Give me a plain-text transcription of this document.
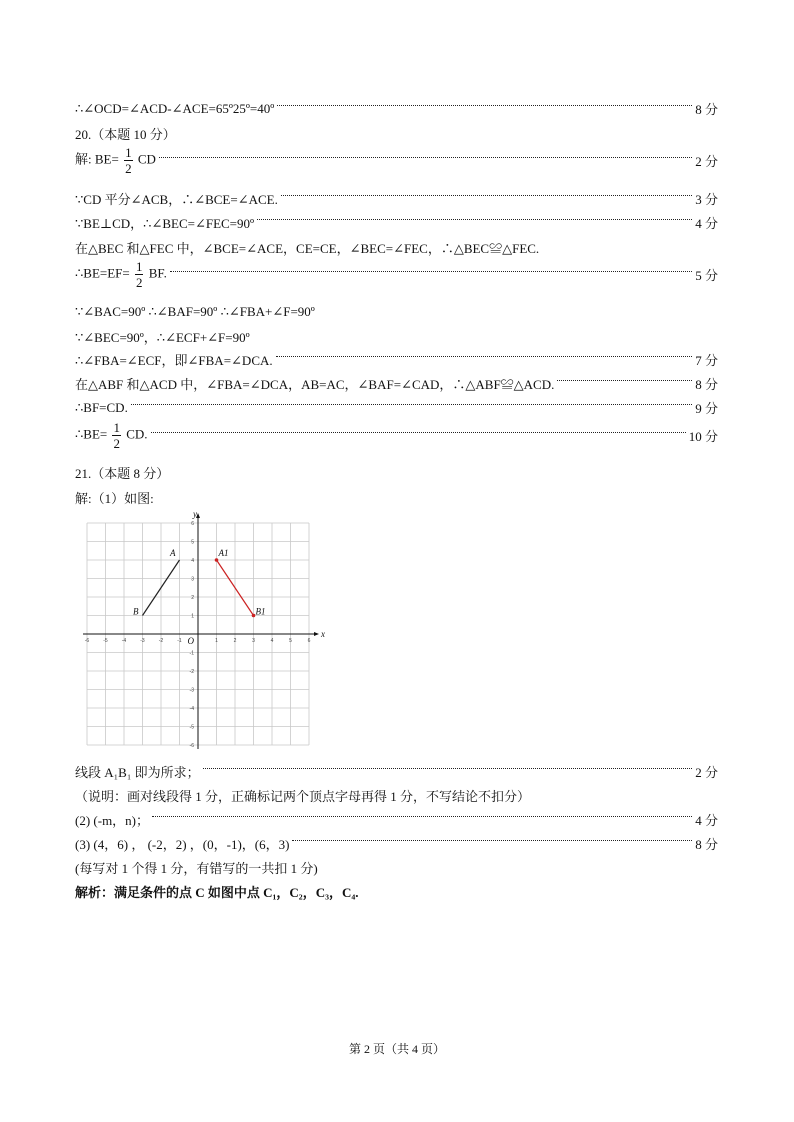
∴∠OCD=∠ACD-∠ACE=65º25º=40º	8 分
20.（本题 10 分）
解: $BE= \frac{1}{2}$ CD	2 分
∵CD 平分∠ACB，∴∠BCE=∠ACE.	3 分
∵BE⊥CD，∴∠BEC=∠FEC=90º	4 分
在△BEC 和△FEC 中，∠BCE=∠ACE，CE=CE，∠BEC=∠FEC，∴△BEC≌△FEC.
∴BE=EF= $\frac{1}{2}$ BF.	5 分
∵∠BAC=90º ∴∠BAF=90º ∴∠FBA+∠F=90º
∵∠BEC=90º，∴∠ECF+∠F=90º
∴∠FBA=∠ECF，即∠FBA=∠DCA.	7 分
在△ABF 和△ACD 中，∠FBA=∠DCA，AB=AC，∠BAF=∠CAD，∴△ABF≌△ACD.	8 分
∴BF=CD.	9 分
∴BE= $\frac{1}{2}$ CD.	10 分
21.（本题 8 分）
解:（1）如图:
x
y
O
-6	-5	-4	-3	-2	-1	1	2	3	4	5	6
6
5
4
3
2
1
-1
-2
-3
-4
-5
-6
A
B
A1
B1
线段 A₁B₁ 即为所求；	2 分
（说明：画对线段得 1 分，正确标记两个顶点字母再得 1 分，不写结论不扣分）
(2) (-m，n)；	4 分
(3) (4，6) ， (-2，2) ，(0，-1)，(6，3)	8 分
(每写对 1 个得 1 分，有错写的一共扣 1 分)
解析：满足条件的点 C 如图中点 C₁，C₂，C₃，C₄.
第 2 页（共 4 页）
